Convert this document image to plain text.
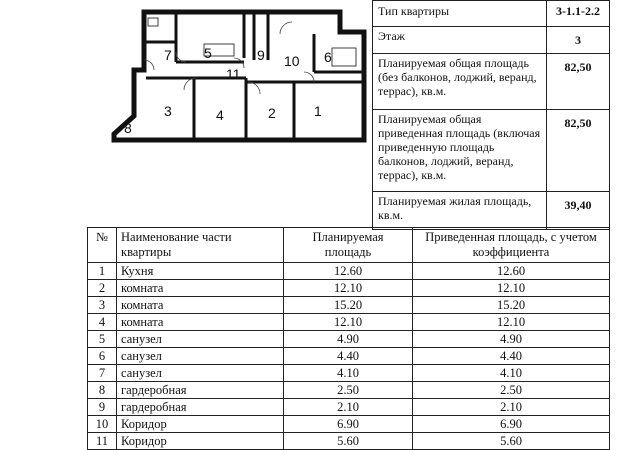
7 5	9 10 6
11
3	4	2	1
8
Тип квартиры	3-1.1-2.2
Этаж	3
Планируемая общая площадь (без балконов, лоджий, веранд, террас), кв.м.	82,50
Планируемая общая приведенная площадь (включая приведенную площадь балконов, лоджий, веранд, террас), кв.м.	82,50
Планируемая жилая площадь, кв.м.	39,40
№	Наименование части квартиры	Планируемая площадь	Приведенная площадь, с учетом коэффициента
1	Кухня	12.60	12.60
2	комната	12.10	12.10
3	комната	15.20	15.20
4	комната	12.10	12.10
5	санузел	4.90	4.90
6	санузел	4.40	4.40
7	санузел	4.10	4.10
8	гардеробная	2.50	2.50
9	гардеробная	2.10	2.10
10	Коридор	6.90	6.90
11	Коридор	5.60	5.60
